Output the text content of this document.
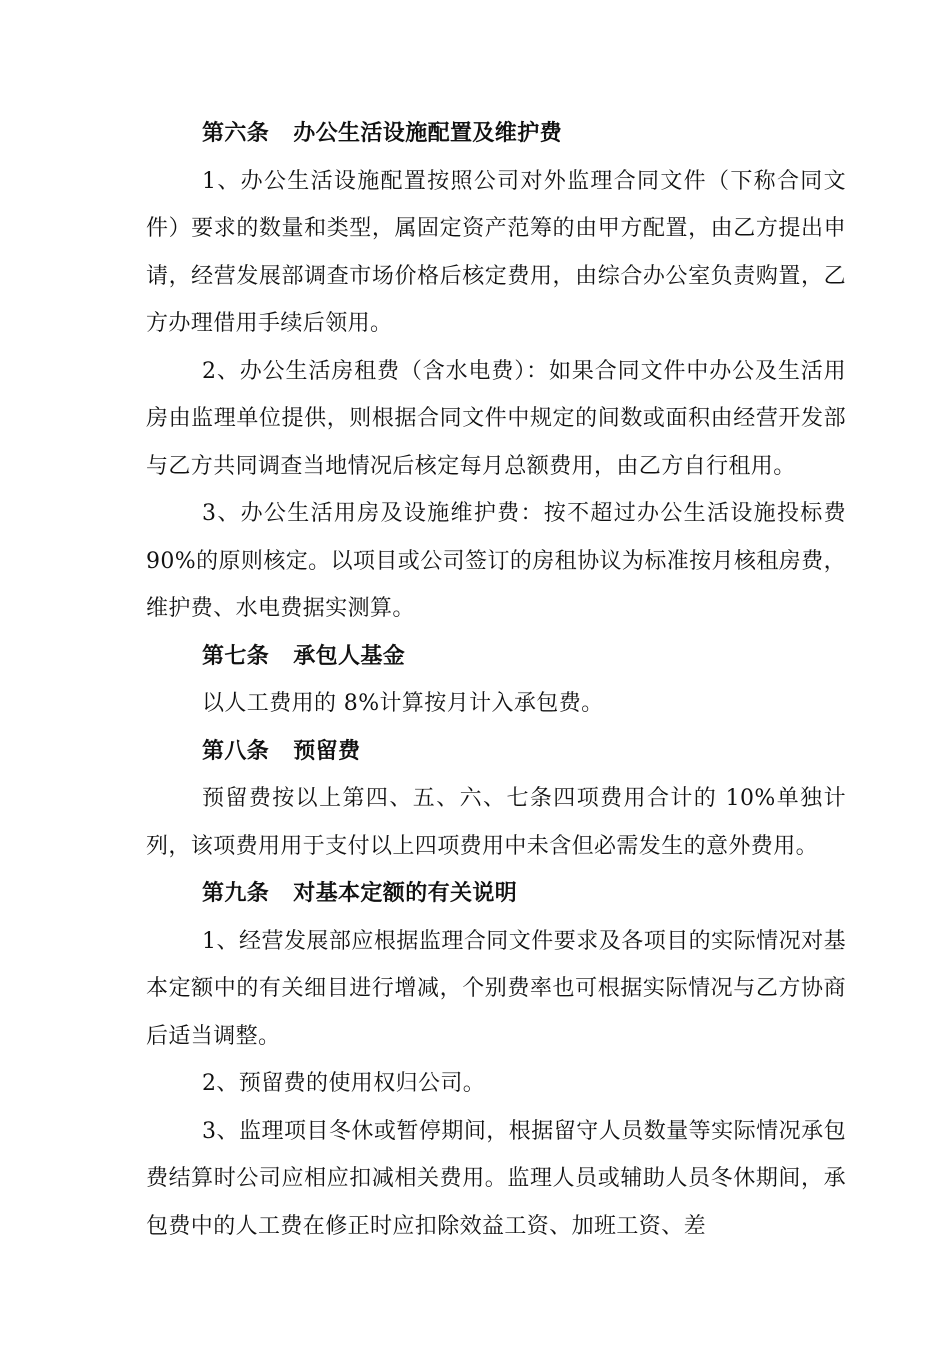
第六条 办公生活设施配置及维护费

1、办公生活设施配置按照公司对外监理合同文件（下称合同文件）要求的数量和类型，属固定资产范筹的由甲方配置，由乙方提出申请，经营发展部调查市场价格后核定费用，由综合办公室负责购置，乙方办理借用手续后领用。

2、办公生活房租费（含水电费）：如果合同文件中办公及生活用房由监理单位提供，则根据合同文件中规定的间数或面积由经营开发部与乙方共同调查当地情况后核定每月总额费用，由乙方自行租用。

3、办公生活用房及设施维护费：按不超过办公生活设施投标费 90%的原则核定。以项目或公司签订的房租协议为标准按月核租房费，维护费、水电费据实测算。

第七条 承包人基金

以人工费用的 8%计算按月计入承包费。

第八条 预留费

预留费按以上第四、五、六、七条四项费用合计的 10%单独计列，该项费用用于支付以上四项费用中未含但必需发生的意外费用。

第九条 对基本定额的有关说明

1、经营发展部应根据监理合同文件要求及各项目的实际情况对基本定额中的有关细目进行增减，个别费率也可根据实际情况与乙方协商后适当调整。

2、预留费的使用权归公司。

3、监理项目冬休或暂停期间，根据留守人员数量等实际情况承包费结算时公司应相应扣减相关费用。监理人员或辅助人员冬休期间，承包费中的人工费在修正时应扣除效益工资、加班工资、差
